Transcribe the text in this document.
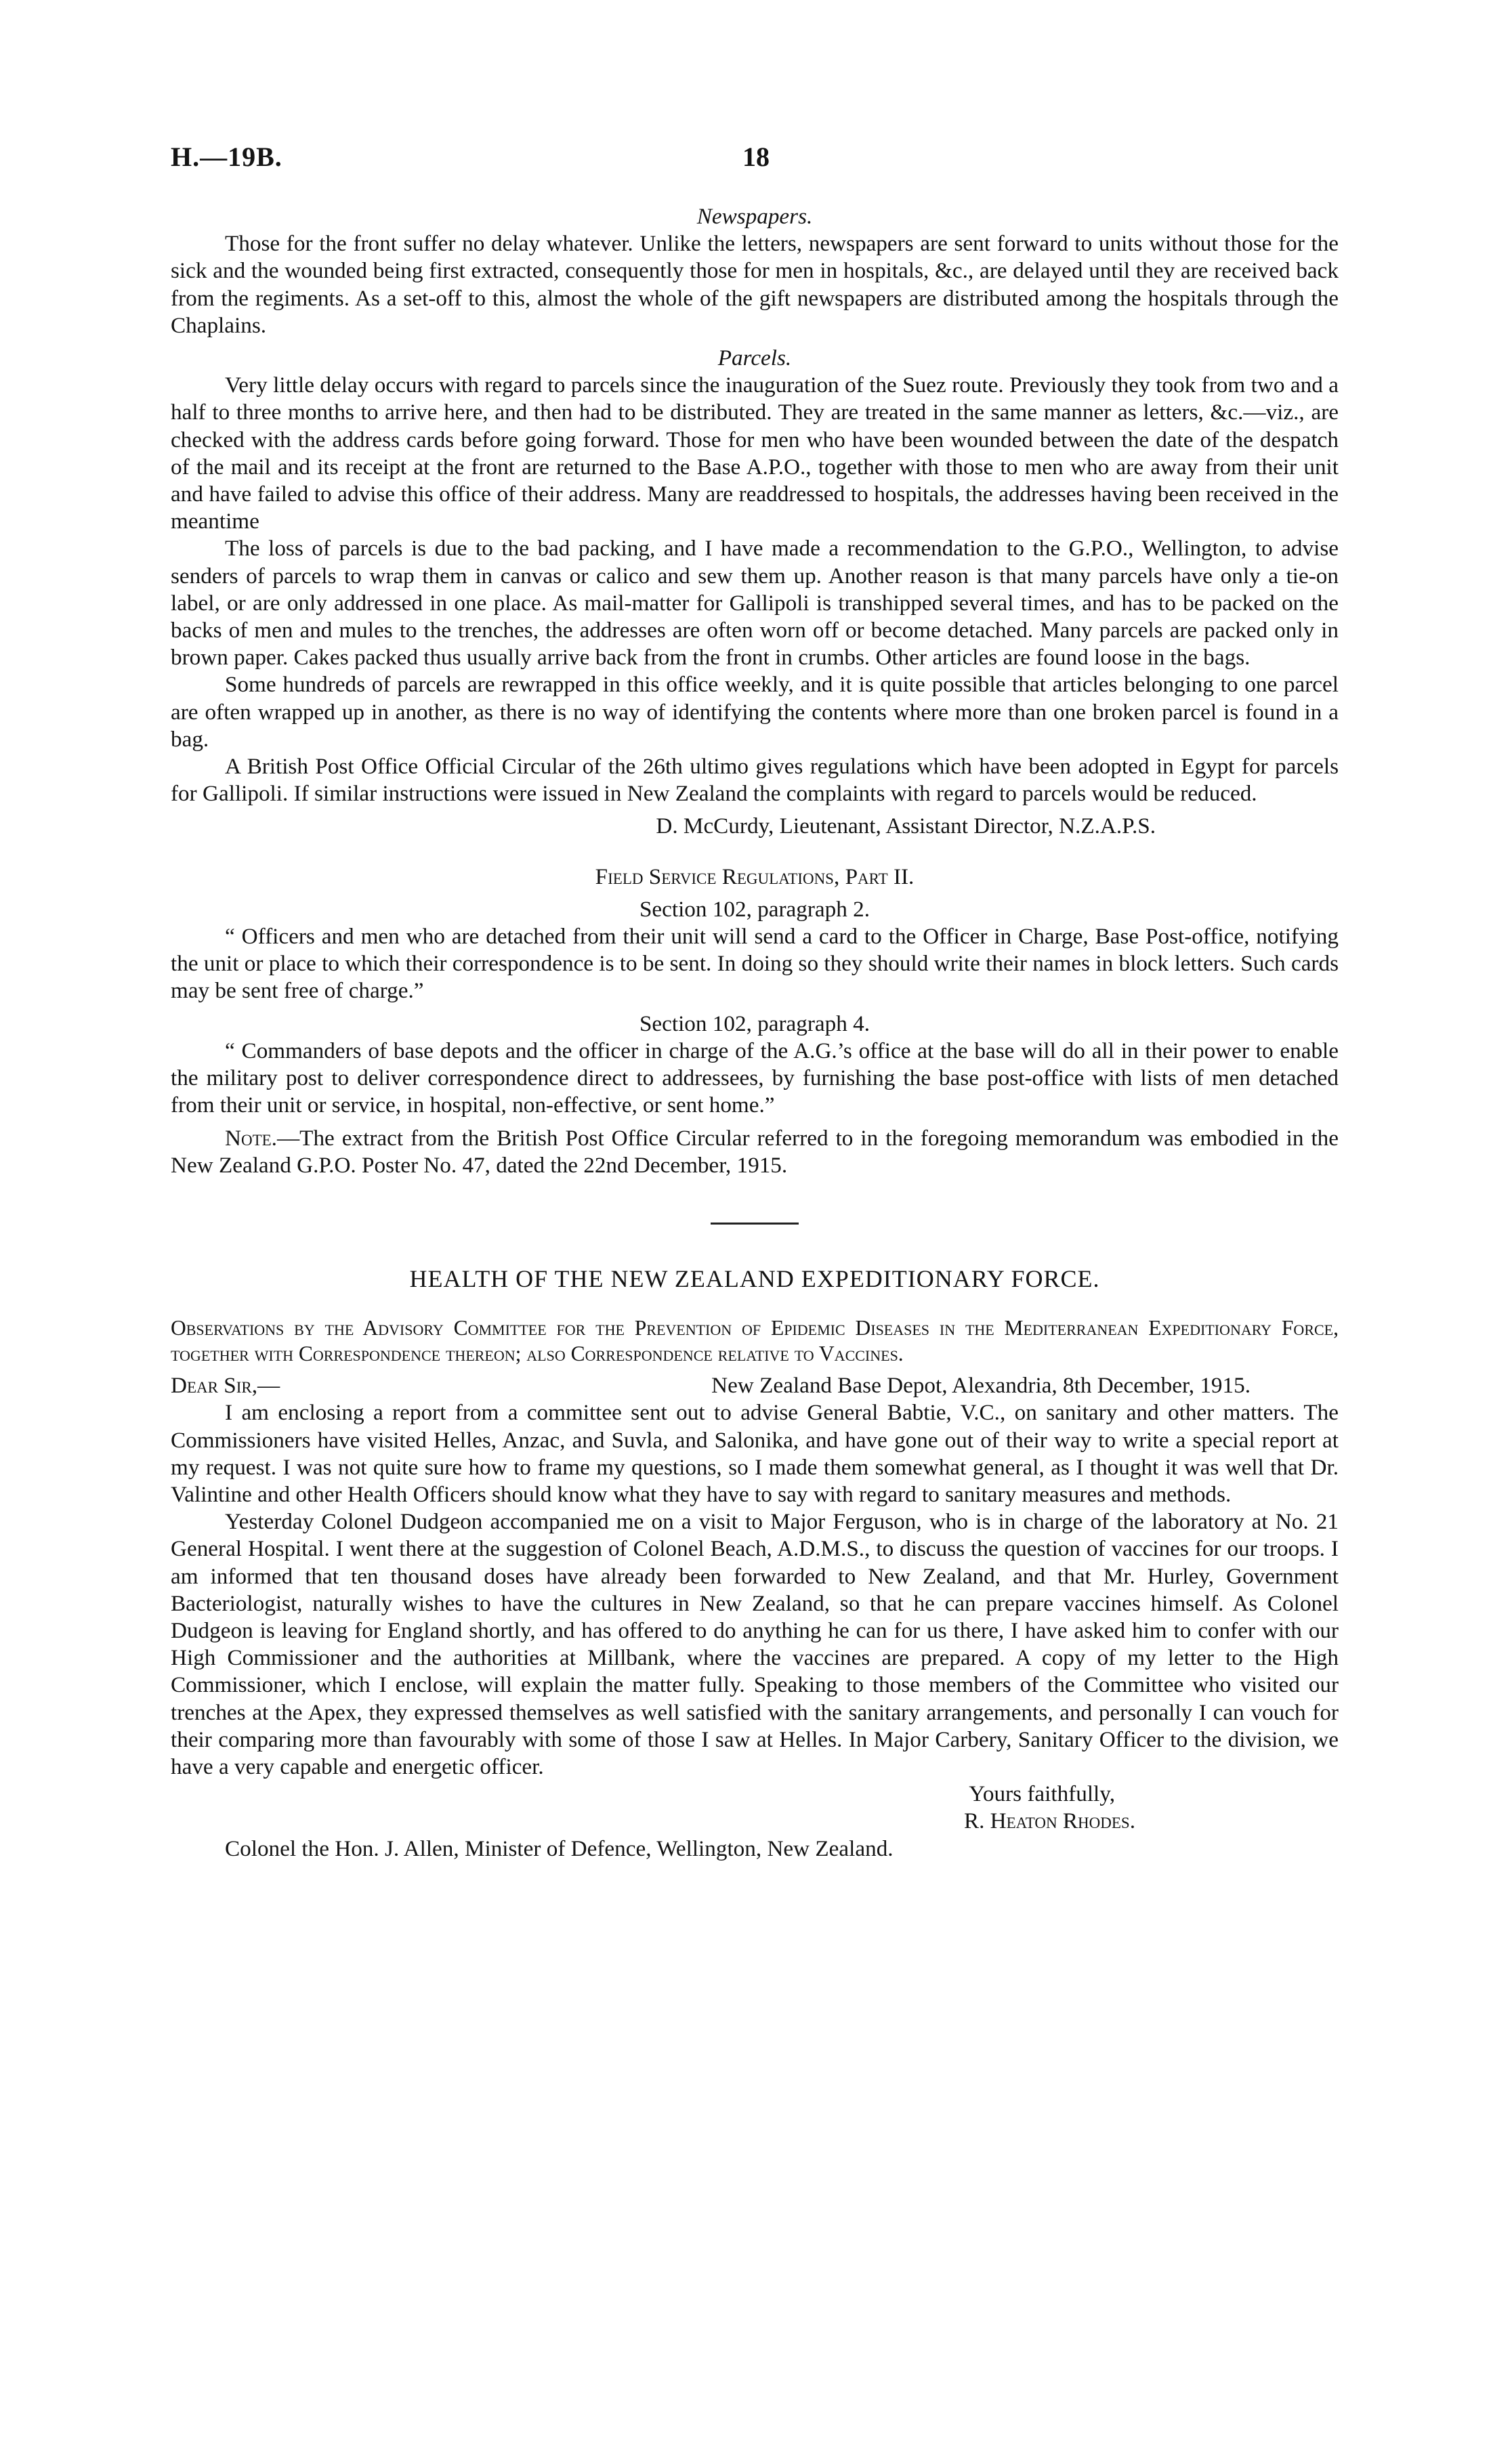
H.—19B.	18

Newspapers.

Those for the front suffer no delay whatever. Unlike the letters, newspapers are sent forward to units without those for the sick and the wounded being first extracted, consequently those for men in hospitals, &c., are delayed until they are received back from the regiments. As a set-off to this, almost the whole of the gift newspapers are distributed among the hospitals through the Chaplains.

Parcels.

Very little delay occurs with regard to parcels since the inauguration of the Suez route. Previously they took from two and a half to three months to arrive here, and then had to be distributed. They are treated in the same manner as letters, &c.—viz., are checked with the address cards before going forward. Those for men who have been wounded between the date of the despatch of the mail and its receipt at the front are returned to the Base A.P.O., together with those to men who are away from their unit and have failed to advise this office of their address. Many are readdressed to hospitals, the addresses having been received in the meantime

The loss of parcels is due to the bad packing, and I have made a recommendation to the G.P.O., Wellington, to advise senders of parcels to wrap them in canvas or calico and sew them up. Another reason is that many parcels have only a tie-on label, or are only addressed in one place. As mail-matter for Gallipoli is transhipped several times, and has to be packed on the backs of men and mules to the trenches, the addresses are often worn off or become detached. Many parcels are packed only in brown paper. Cakes packed thus usually arrive back from the front in crumbs. Other articles are found loose in the bags.

Some hundreds of parcels are rewrapped in this office weekly, and it is quite possible that articles belonging to one parcel are often wrapped up in another, as there is no way of identifying the contents where more than one broken parcel is found in a bag.

A British Post Office Official Circular of the 26th ultimo gives regulations which have been adopted in Egypt for parcels for Gallipoli. If similar instructions were issued in New Zealand the complaints with regard to parcels would be reduced.

D. McCurdy, Lieutenant, Assistant Director, N.Z.A.P.S.

Field Service Regulations, Part II.

Section 102, paragraph 2.

“ Officers and men who are detached from their unit will send a card to the Officer in Charge, Base Post-office, notifying the unit or place to which their correspondence is to be sent. In doing so they should write their names in block letters. Such cards may be sent free of charge.”

Section 102, paragraph 4.

“ Commanders of base depots and the officer in charge of the A.G.’s office at the base will do all in their power to enable the military post to deliver correspondence direct to addressees, by furnishing the base post-office with lists of men detached from their unit or service, in hospital, non-effective, or sent home.”

Note.—The extract from the British Post Office Circular referred to in the foregoing memorandum was embodied in the New Zealand G.P.O. Poster No. 47, dated the 22nd December, 1915.

HEALTH OF THE NEW ZEALAND EXPEDITIONARY FORCE.

Observations by the Advisory Committee for the Prevention of Epidemic Diseases in the Mediterranean Expeditionary Force, together with Correspondence thereon; also Correspondence relative to Vaccines.

Dear Sir,—	New Zealand Base Depot, Alexandria, 8th December, 1915.

I am enclosing a report from a committee sent out to advise General Babtie, V.C., on sanitary and other matters. The Commissioners have visited Helles, Anzac, and Suvla, and Salonika, and have gone out of their way to write a special report at my request. I was not quite sure how to frame my questions, so I made them somewhat general, as I thought it was well that Dr. Valintine and other Health Officers should know what they have to say with regard to sanitary measures and methods.

Yesterday Colonel Dudgeon accompanied me on a visit to Major Ferguson, who is in charge of the laboratory at No. 21 General Hospital. I went there at the suggestion of Colonel Beach, A.D.M.S., to discuss the question of vaccines for our troops. I am informed that ten thousand doses have already been forwarded to New Zealand, and that Mr. Hurley, Government Bacteriologist, naturally wishes to have the cultures in New Zealand, so that he can prepare vaccines himself. As Colonel Dudgeon is leaving for England shortly, and has offered to do anything he can for us there, I have asked him to confer with our High Commissioner and the authorities at Millbank, where the vaccines are prepared. A copy of my letter to the High Commissioner, which I enclose, will explain the matter fully. Speaking to those members of the Committee who visited our trenches at the Apex, they expressed themselves as well satisfied with the sanitary arrangements, and personally I can vouch for their comparing more than favourably with some of those I saw at Helles. In Major Carbery, Sanitary Officer to the division, we have a very capable and energetic officer.

Yours faithfully,

R. Heaton Rhodes.

Colonel the Hon. J. Allen, Minister of Defence, Wellington, New Zealand.
